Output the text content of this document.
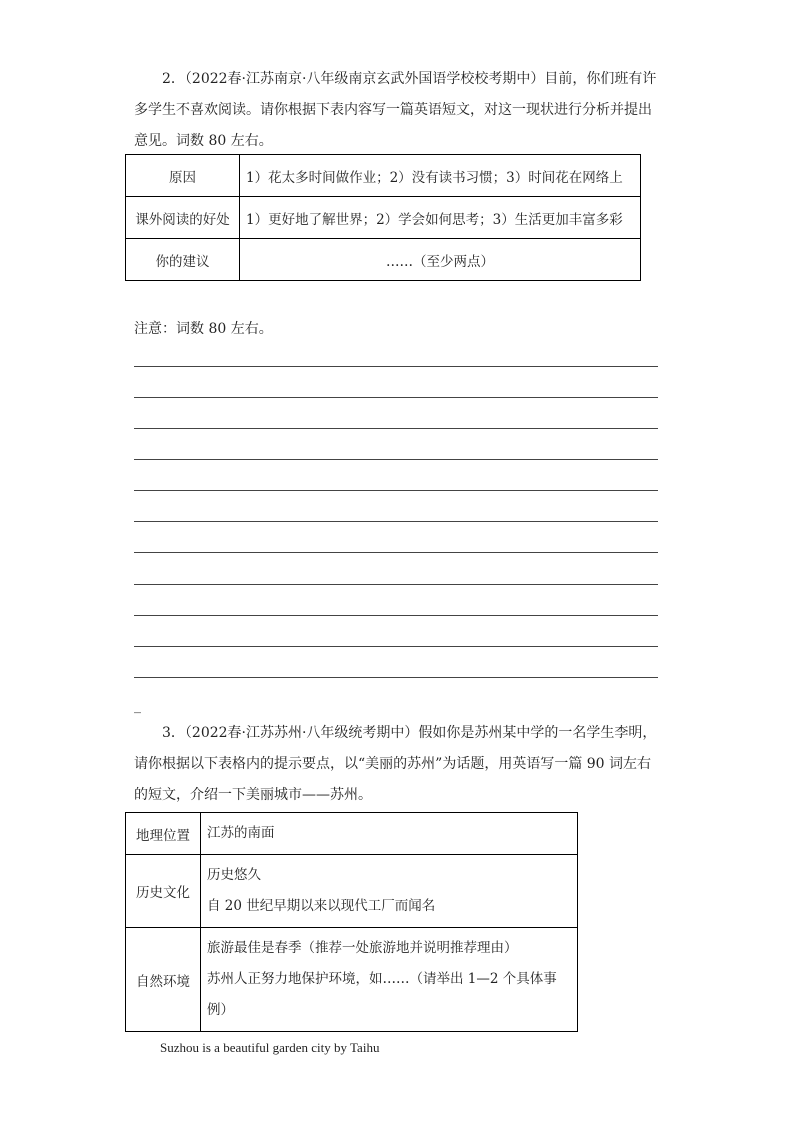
2．（2022春·江苏南京·八年级南京玄武外国语学校校考期中）目前，你们班有许多学生不喜欢阅读。请你根据下表内容写一篇英语短文，对这一现状进行分析并提出意见。词数 80 左右。

原因	1）花太多时间做作业；2）没有读书习惯；3）时间花在网络上
课外阅读的好处	1）更好地了解世界；2）学会如何思考；3）生活更加丰富多彩
你的建议	……（至少两点）

注意：词数 80 左右。

_

3．（2022春·江苏苏州·八年级统考期中）假如你是苏州某中学的一名学生李明，请你根据以下表格内的提示要点，以“美丽的苏州”为话题，用英语写一篇 90 词左右的短文，介绍一下美丽城市——苏州。

地理位置	江苏的南面

历史文化	历史悠久
自 20 世纪早期以来以现代工厂而闻名

自然环境	旅游最佳是春季（推荐一处旅游地并说明推荐理由）
苏州人正努力地保护环境，如……（请举出 1—2 个具体事例）

Suzhou is a beautiful garden city by Taihu
